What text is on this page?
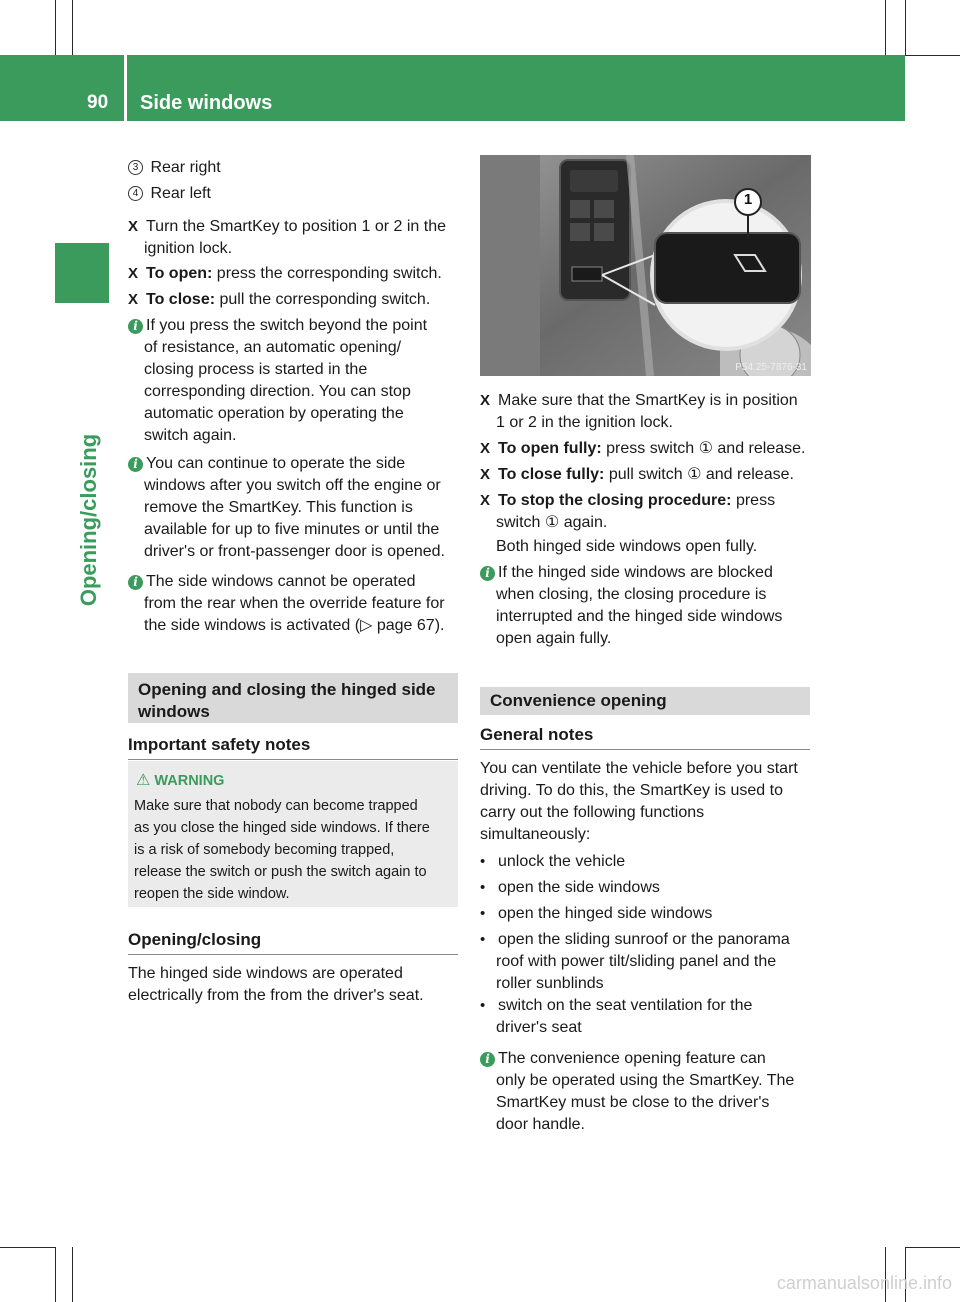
90 Side windows
Opening/closing
3 Rear right
4 Rear left
X Turn the SmartKey to position 1 or 2 in the
ignition lock.
X To open: press the corresponding switch.
X To close: pull the corresponding switch.
i If you press the switch beyond the point
of resistance, an automatic opening/
closing process is started in the
corresponding direction. You can stop
automatic operation by operating the
switch again.
i You can continue to operate the side
windows after you switch off the engine or
remove the SmartKey. This function is
available for up to five minutes or until the
driver's or front-passenger door is opened.
i The side windows cannot be operated
from the rear when the override feature for
the side windows is activated (▷ page 67).
Opening and closing the hinged side
windows
Important safety notes
⚠ WARNING
Make sure that nobody can become trapped
as you close the hinged side windows. If there
is a risk of somebody becoming trapped,
release the switch or push the switch again to
reopen the side window.
Opening/closing
The hinged side windows are operated
electrically from the from the driver's seat.
1
P54.25-7876-31
X Make sure that the SmartKey is in position
1 or 2 in the ignition lock.
X To open fully: press switch ① and release.
X To close fully: pull switch ① and release.
X To stop the closing procedure: press
switch ① again.
Both hinged side windows open fully.
i If the hinged side windows are blocked
when closing, the closing procedure is
interrupted and the hinged side windows
open again fully.
Convenience opening
General notes
You can ventilate the vehicle before you start
driving. To do this, the SmartKey is used to
carry out the following functions
simultaneously:
• unlock the vehicle
• open the side windows
• open the hinged side windows
• open the sliding sunroof or the panorama
roof with power tilt/sliding panel and the
roller sunblinds
• switch on the seat ventilation for the
driver's seat
i The convenience opening feature can
only be operated using the SmartKey. The
SmartKey must be close to the driver's
door handle.
carmanualsonline.info
